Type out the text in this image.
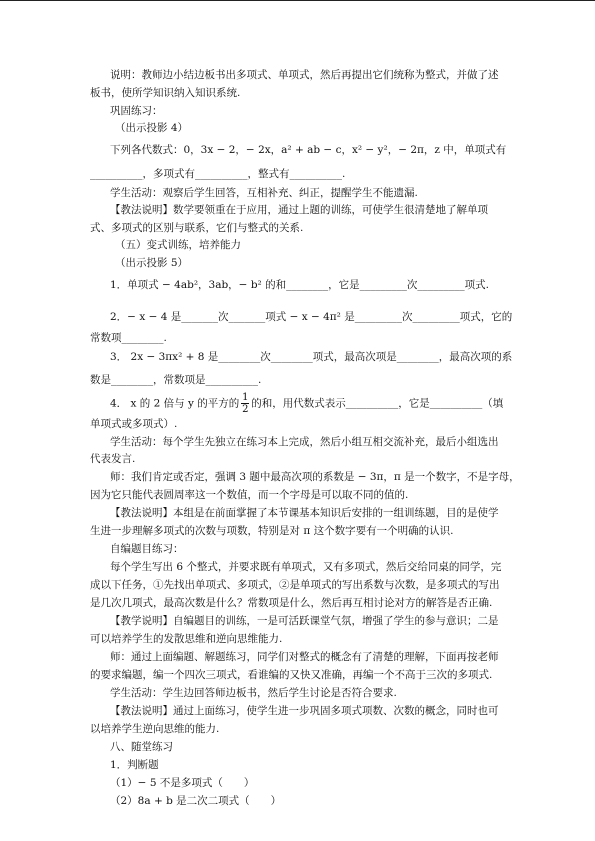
说明：教师边小结边板书出多项式、单项式，然后再提出它们统称为整式，并做了述
板书，使所学知识纳入知识系统.
巩固练习：
（出示投影 4）
下列各代数式：0，3x − 2，− 2x，a² + ab − c，x² − y²，− 2π，z 中，单项式有
__________，多项式有__________，整式有__________.
学生活动：观察后学生回答，互相补充、纠正，提醒学生不能遗漏.
【教法说明】数学要领重在于应用，通过上题的训练，可使学生很清楚地了解单项
式、多项式的区别与联系，它们与整式的关系.
（五）变式训练，培养能力
（出示投影 5）
1．单项式 − 4ab²，3ab，− b² 的和________，它是_________次_________项式.
2．− x − 4 是_______次_______项式 − x − 4π² 是_________次_________项式，它的
常数项________.
3． 2x − 3πx² + 8 是________次________项式，最高次项是________，最高次项的系
数是________，常数项是__________.
4． x 的 2 倍与 y 的平方的 $\frac{1}{2}$ 的和，用代数式表示__________，它是__________（填
单项式或多项式）.
学生活动：每个学生先独立在练习本上完成，然后小组互相交流补充，最后小组选出
代表发言.
师：我们肯定或否定，强调 3 题中最高次项的系数是 − 3π，π 是一个数字，不是字母，
因为它只能代表圆周率这一个数值，而一个字母是可以取不同的值的.
【教法说明】本组是在前面掌握了本节课基本知识后安排的一组训练题，目的是使学
生进一步理解多项式的次数与项数，特别是对 π 这个数字要有一个明确的认识.
自编题目练习：
每个学生写出 6 个整式，并要求既有单项式，又有多项式，然后交给同桌的同学，完
成以下任务，①先找出单项式、多项式，②是单项式的写出系数与次数，是多项式的写出
是几次几项式，最高次数是什么？常数项是什么，然后再互相讨论对方的解答是否正确.
【教学说明】自编题目的训练，一是可活跃课堂气氛，增强了学生的参与意识；二是
可以培养学生的发散思维和逆向思维能力.
师：通过上面编题、解题练习，同学们对整式的概念有了清楚的理解，下面再按老师
的要求编题，编一个四次三项式，看谁编的又快又准确，再编一个不高于三次的多项式.
学生活动：学生边回答师边板书，然后学生讨论是否符合要求.
【教法说明】通过上面练习，使学生进一步巩固多项式项数、次数的概念，同时也可
以培养学生逆向思维的能力.
八、随堂练习
1．判断题
（1）− 5 不是多项式（　　）
（2）8a + b 是二次二项式（　　）
